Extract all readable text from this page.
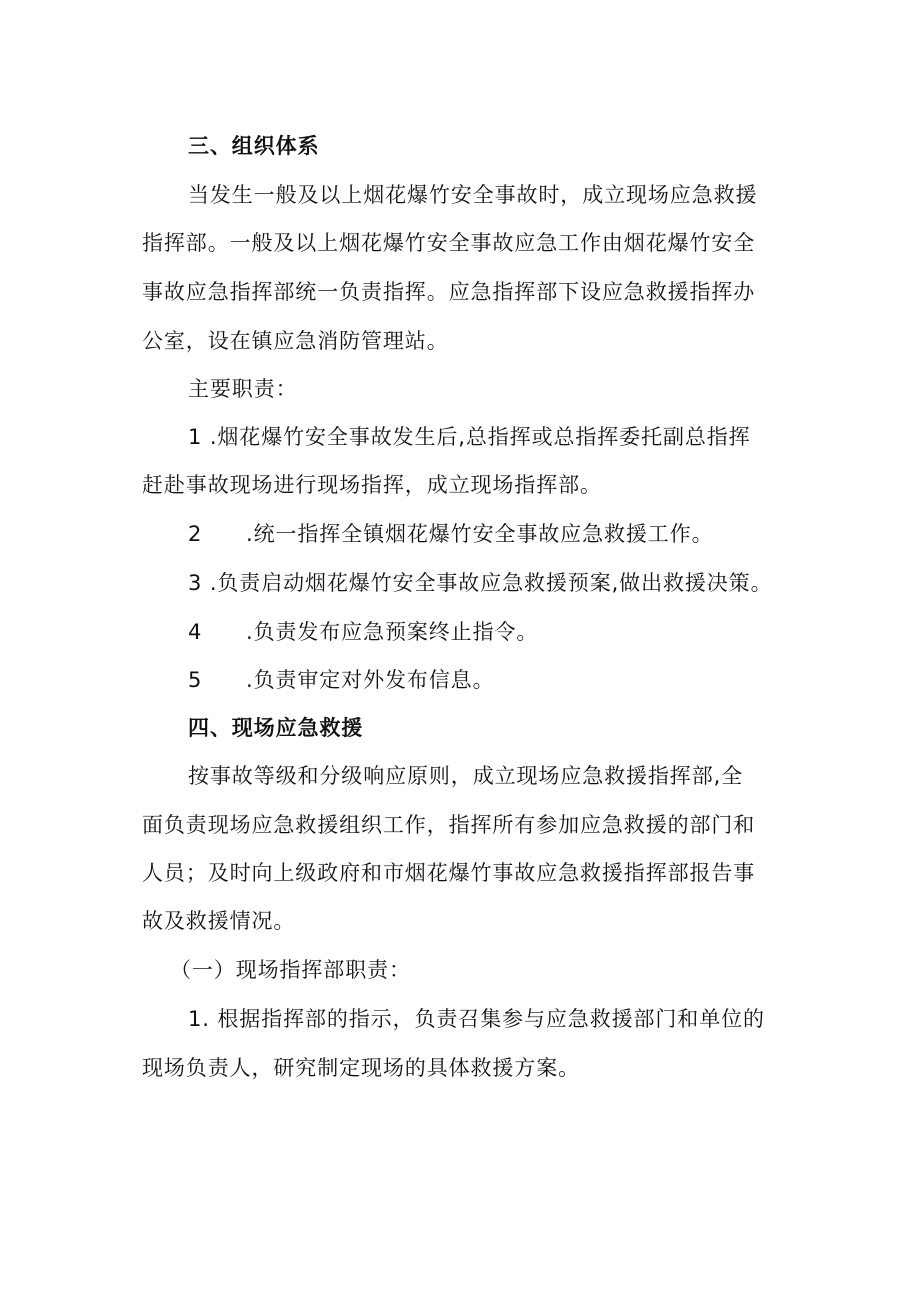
三、组织体系
当发生一般及以上烟花爆竹安全事故时，成立现场应急救援
指挥部。一般及以上烟花爆竹安全事故应急工作由烟花爆竹安全
事故应急指挥部统一负责指挥。应急指挥部下设应急救援指挥办
公室，设在镇应急消防管理站。
主要职责：
1 .烟花爆竹安全事故发生后,总指挥或总指挥委托副总指挥
赶赴事故现场进行现场指挥，成立现场指挥部。
2 .统一指挥全镇烟花爆竹安全事故应急救援工作。
3 .负责启动烟花爆竹安全事故应急救援预案,做出救援决策。
4 .负责发布应急预案终止指令。
5 .负责审定对外发布信息。
四、现场应急救援
按事故等级和分级响应原则，成立现场应急救援指挥部,全
面负责现场应急救援组织工作，指挥所有参加应急救援的部门和
人员；及时向上级政府和市烟花爆竹事故应急救援指挥部报告事
故及救援情况。
（一）现场指挥部职责：
1. 根据指挥部的指示，负责召集参与应急救援部门和单位的
现场负责人，研究制定现场的具体救援方案。
